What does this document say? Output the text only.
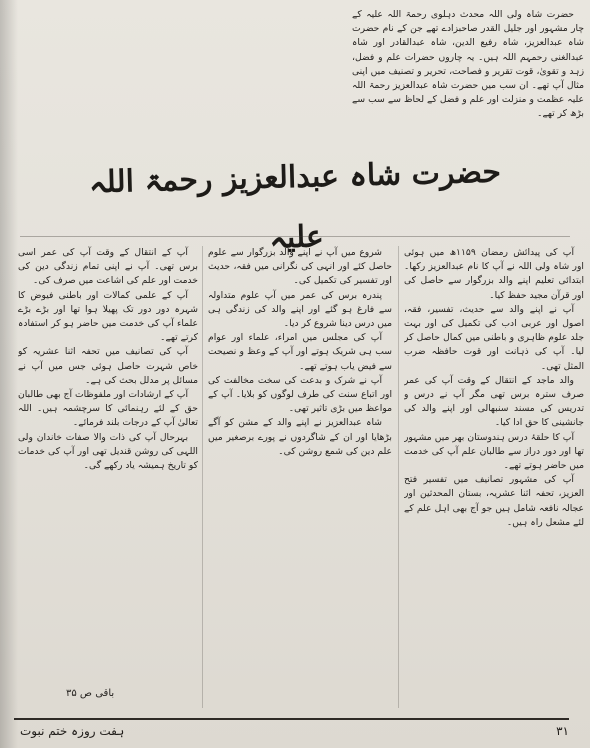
حضرت شاہ ولی اللہ محدث دہلوی رحمۃ اللہ علیہ کے چار مشہور اور جلیل القدر صاحبزادے تھے جن کے نام حضرت شاہ عبدالعزیز، شاہ رفیع الدین، شاہ عبدالقادر اور شاہ عبدالغنی رحمہم اللہ ہیں۔ یہ چاروں حضرات علم و فضل، زہد و تقویٰ، قوت تقریر و فصاحت، تحریر و تصنیف میں اپنی مثال آپ تھے۔ ان سب میں حضرت شاہ عبدالعزیز رحمۃ اللہ علیہ عظمت و منزلت اور علم و فضل کے لحاظ سے سب سے بڑھ کر تھے۔

حضرت شاہ عبدالعزیز رحمۃ اللہ علیہ	آپ کی پیدائش رمضان ۱۱۵۹ھ میں ہوئی اور شاہ ولی اللہ نے آپ کا نام عبدالعزیز رکھا۔ ابتدائی تعلیم اپنے والد بزرگوار سے حاصل کی اور قرآن مجید حفظ کیا۔

آپ نے اپنے والد سے حدیث، تفسیر، فقہ، اصول اور عربی ادب کی تکمیل کی اور بہت جلد علوم ظاہری و باطنی میں کمال حاصل کر لیا۔ آپ کی ذہانت اور قوت حافظہ ضرب المثل تھی۔

والد ماجد کے انتقال کے وقت آپ کی عمر صرف سترہ برس تھی مگر آپ نے درس و تدریس کی مسند سنبھالی اور اپنے والد کی جانشینی کا حق ادا کیا۔

آپ کا حلقۂ درس ہندوستان بھر میں مشہور تھا اور دور دراز سے طالبان علم آپ کی خدمت میں حاضر ہوتے تھے۔

آپ کی مشہور تصانیف میں تفسیر فتح العزیز، تحفہ اثنا عشریہ، بستان المحدثین اور عجالہ نافعہ شامل ہیں جو آج بھی اہل علم کے لئے مشعل راہ ہیں۔

شروع میں آپ نے اپنے والد بزرگوار سے علوم حاصل کئے اور انہی کی نگرانی میں فقہ، حدیث اور تفسیر کی تکمیل کی۔

پندرہ برس کی عمر میں آپ علوم متداولہ سے فارغ ہو گئے اور اپنے والد کی زندگی ہی میں درس دینا شروع کر دیا۔

آپ کی مجلس میں امراء، علماء اور عوام سب ہی شریک ہوتے اور آپ کے وعظ و نصیحت سے فیض یاب ہوتے تھے۔

آپ نے شرک و بدعت کی سخت مخالفت کی اور اتباع سنت کی طرف لوگوں کو بلایا۔ آپ کے مواعظ میں بڑی تاثیر تھی۔

شاہ عبدالعزیز نے اپنے والد کے مشن کو آگے بڑھایا اور ان کے شاگردوں نے پورے برصغیر میں علم دین کی شمع روشن کی۔

آپ کے انتقال کے وقت آپ کی عمر اسی برس تھی۔ آپ نے اپنی تمام زندگی دین کی خدمت اور علم کی اشاعت میں صرف کی۔

آپ کے علمی کمالات اور باطنی فیوض کا شہرہ دور دور تک پھیلا ہوا تھا اور بڑے بڑے علماء آپ کی خدمت میں حاضر ہو کر استفادہ کرتے تھے۔

آپ کی تصانیف میں تحفہ اثنا عشریہ کو خاص شہرت حاصل ہوئی جس میں آپ نے مسائل پر مدلل بحث کی ہے۔

آپ کے ارشادات اور ملفوظات آج بھی طالبان حق کے لئے رہنمائی کا سرچشمہ ہیں۔ اللہ تعالیٰ آپ کے درجات بلند فرمائے۔

بہرحال آپ کی ذات والا صفات خاندان ولی اللہی کی روشن قندیل تھی اور آپ کی خدمات کو تاریخ ہمیشہ یاد رکھے گی۔

باقی ص ۳۵
۳۱
ہفت روزہ ختم نبوت
